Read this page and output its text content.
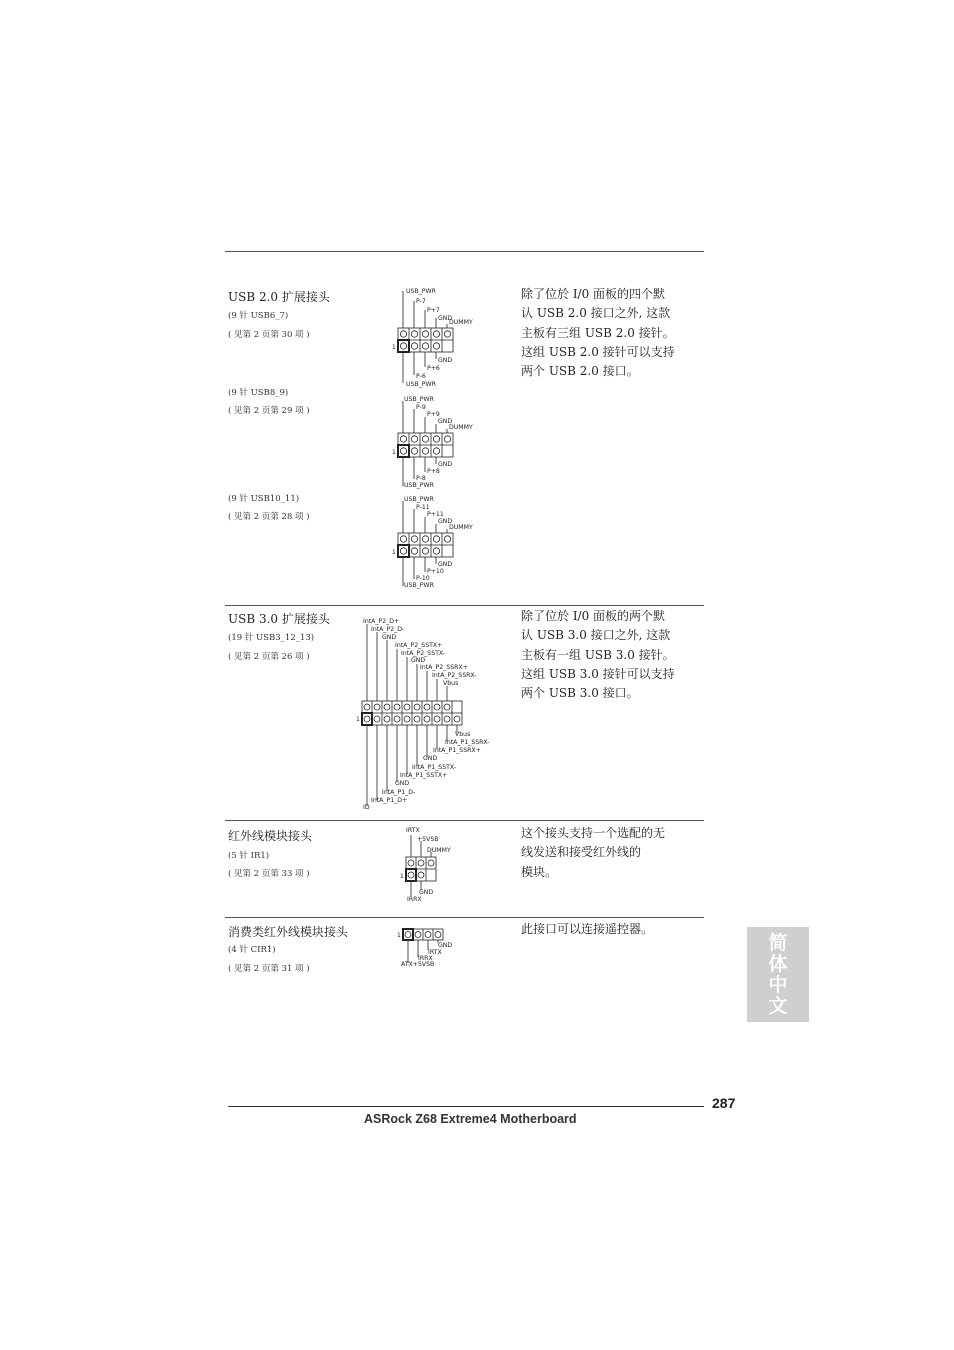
USB 2.0 扩展接头
(9 针 USB6_7)
( 见第 2 页第 30 项 )
(9 针 USB8_9)
( 见第 2 页第 29 项 )
(9 针 USB10_11)
( 见第 2 页第 28 项 )
除了位於 I/0 面板的四个默
认 USB 2.0 接口之外, 这款
主板有三组 USB 2.0 接针。
这组 USB 2.0 接针可以支持
两个 USB 2.0 接口。
USB_PWR
P-7
P+7
GND
DUMMY
GND
P+6
P-6
USB_PWR
1
USB_PWR
P-9
P+9
GND
DUMMY
GND
P+8
P-8
USB_PWR
1
USB_PWR
P-11
P+11
GND
DUMMY
GND
P+10
P-10
USB_PWR
1
USB 3.0 扩展接头
(19 针 USB3_12_13)
( 见第 2 页第 26 项 )
除了位於 I/0 面板的两个默
认 USB 3.0 接口之外, 这款
主板有一组 USB 3.0 接针。
这组 USB 3.0 接针可以支持
两个 USB 3.0 接口。
IntA_P2_D+
IntA_P2_D-
GND
IntA_P2_SSTX+
IntA_P2_SSTX-
GND
IntA_P2_SSRX+
IntA_P2_SSRX-
Vbus
Vbus
IntA_P1_SSRX-
IntA_P1_SSRX+
GND
IntA_P1_SSTX-
IntA_P1_SSTX+
GND
IntA_P1_D-
IntA_P1_D+
ID
1
红外线模块接头
(5 针 IR1)
( 见第 2 页第 33 项 )
这个接头支持一个选配的无
线发送和接受红外线的
模块。
IRTX
+5VSB
DUMMY
GND
IRRX
1
消费类红外线模块接头
(4 针 CIR1)
( 见第 2 页第 31 项 )
此接口可以连接遥控器。
GND
IRTX
IRRX
ATX+5VSB
1	简体中文
287
ASRock Z68 Extreme4 Motherboard
